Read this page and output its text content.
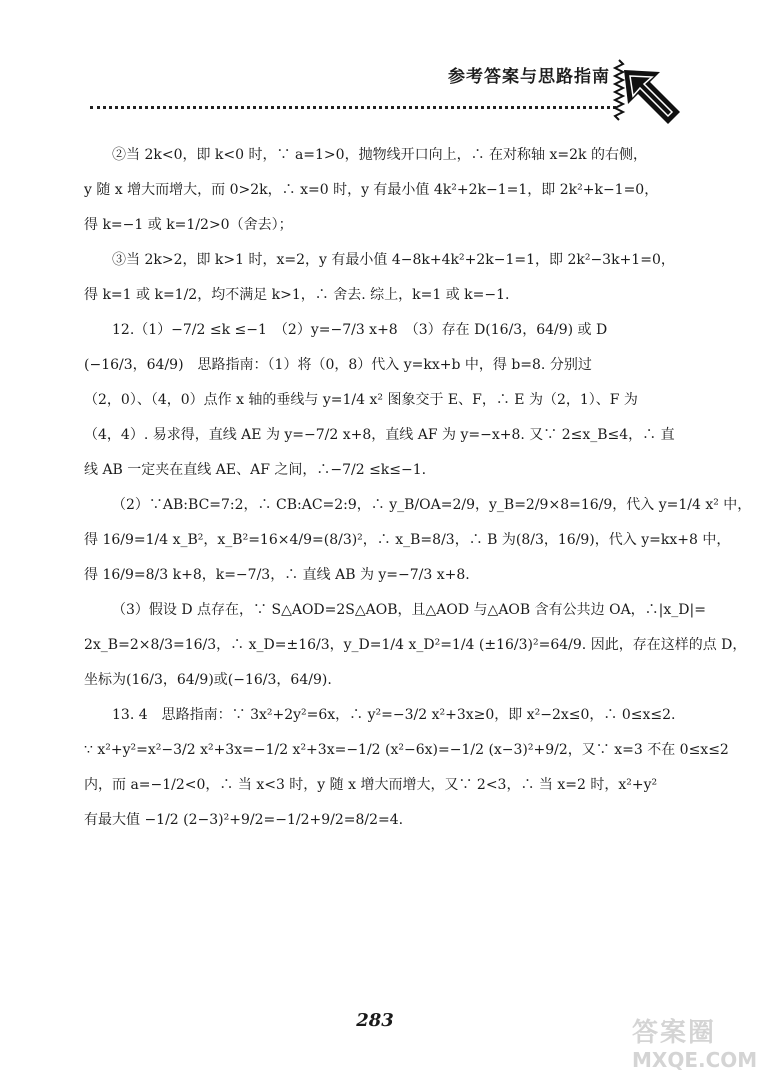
参考答案与思路指南
②当 2k<0，即 k<0 时，∵ a=1>0，抛物线开口向上，∴ 在对称轴 x=2k 的右侧，
y 随 x 增大而增大，而 0>2k，∴ x=0 时，y 有最小值 4k²+2k−1=1，即 2k²+k−1=0，
得 k=−1 或 k=1/2>0（舍去）；
③当 2k>2，即 k>1 时，x=2，y 有最小值 4−8k+4k²+2k−1=1，即 2k²−3k+1=0，
得 k=1 或 k=1/2，均不满足 k>1，∴ 舍去. 综上，k=1 或 k=−1.
12.（1）−7/2 ≤k ≤−1　（2）y=−7/3 x+8　（3）存在 D(16/3，64/9) 或 D
(−16/3，64/9)　思路指南：（1）将（0，8）代入 y=kx+b 中，得 b=8. 分别过
（2，0）、（4，0）点作 x 轴的垂线与 y=1/4 x² 图象交于 E、F，∴ E 为（2，1）、F 为
（4，4）. 易求得，直线 AE 为 y=−7/2 x+8，直线 AF 为 y=−x+8. 又∵ 2≤x_B≤4，∴ 直
线 AB 一定夹在直线 AE、AF 之间，∴−7/2 ≤k≤−1.
（2）∵AB:BC=7:2，∴ CB:AC=2:9，∴ y_B/OA=2/9，y_B=2/9×8=16/9，代入 y=1/4 x² 中，
得 16/9=1/4 x_B²，x_B²=16×4/9=(8/3)²，∴ x_B=8/3，∴ B 为(8/3，16/9)，代入 y=kx+8 中，
得 16/9=8/3 k+8，k=−7/3，∴ 直线 AB 为 y=−7/3 x+8.
（3）假设 D 点存在，∵ S△AOD=2S△AOB，且△AOD 与△AOB 含有公共边 OA，∴|x_D|=
2x_B=2×8/3=16/3，∴ x_D=±16/3，y_D=1/4 x_D²=1/4 (±16/3)²=64/9. 因此，存在这样的点 D，
坐标为(16/3，64/9)或(−16/3，64/9).
13. 4　思路指南：∵ 3x²+2y²=6x，∴ y²=−3/2 x²+3x≥0，即 x²−2x≤0，∴ 0≤x≤2.
∵ x²+y²=x²−3/2 x²+3x=−1/2 x²+3x=−1/2 (x²−6x)=−1/2 (x−3)²+9/2，又∵ x=3 不在 0≤x≤2
内，而 a=−1/2<0，∴ 当 x<3 时，y 随 x 增大而增大，又∵ 2<3，∴ 当 x=2 时，x²+y²
有最大值 −1/2 (2−3)²+9/2=−1/2+9/2=8/2=4.
283	答案圈
MXQE.COM
